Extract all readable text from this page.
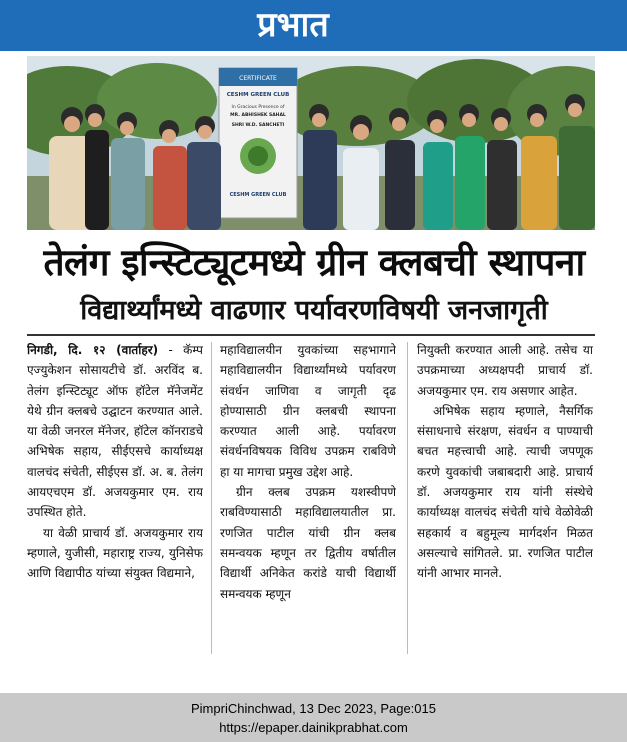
प्रभात
CERTIFICATE
CESHM GREEN CLUB
In Gracious Presence of
MR. ABHISHEK SAHAL
SHRI W.D. SANCHETI
CESHM GREEN CLUB
तेलंग इन्स्टिट्यूटमध्ये ग्रीन क्लबची स्थापना
विद्यार्थ्यांमध्ये वाढणार पर्यावरणविषयी जनजागृती

निगडी, दि. १२ (वार्ताहर) - कॅम्प एज्युकेशन सोसायटीचे डॉ. अरविंद ब. तेलंग इन्स्टिट्यूट ऑफ हॉटेल मॅनेजमेंट येथे ग्रीन क्लबचे उद्घाटन करण्यात आले. या वेळी जनरल मॅनेजर, हॉटेल कॉनराडचे अभिषेक सहाय, सीईएसचे कार्याध्यक्ष वालचंद संचेती, सीईएस डॉ. अ. ब. तेलंग आयएचएम डॉ. अजयकुमार एम. राय उपस्थित होते.

या वेळी प्राचार्य डॉ. अजयकुमार राय म्हणाले, युजीसी, महाराष्ट्र राज्य, युनिसेफ आणि विद्यापीठ यांच्या संयुक्त विद्यमाने,

महाविद्यालयीन युवकांच्या सहभागाने महाविद्यालयीन विद्यार्थ्यांमध्ये पर्यावरण संवर्धन जाणिवा व जागृती दृढ होण्यासाठी ग्रीन क्लबची स्थापना करण्यात आली आहे. पर्यावरण संवर्धनविषयक विविध उपक्रम राबविणे हा या मागचा प्रमुख उद्देश आहे.

ग्रीन क्लब उपक्रम यशस्वीपणे राबविण्यासाठी महाविद्यालयातील प्रा. रणजित पाटील यांची ग्रीन क्लब समन्वयक म्हणून तर द्वितीय वर्षातील विद्यार्थी अनिकेत करांडे याची विद्यार्थी समन्वयक म्हणून

नियुक्ती करण्यात आली आहे. तसेच या उपक्रमाच्या अध्यक्षपदी प्राचार्य डॉ. अजयकुमार एम. राय असणार आहेत.

अभिषेक सहाय म्हणाले, नैसर्गिक संसाधनाचे संरक्षण, संवर्धन व पाण्याची बचत महत्त्वाची आहे. त्याची जपणूक करणे युवकांची जबाबदारी आहे. प्राचार्य डॉ. अजयकुमार राय यांनी संस्थेचे कार्याध्यक्ष वालचंद संचेती यांचे वेळोवेळी सहकार्य व बहुमूल्य मार्गदर्शन मिळत असल्याचे सांगितले. प्रा. रणजित पाटील यांनी आभार मानले.

PimpriChinchwad, 13 Dec 2023, Page:015
https://epaper.dainikprabhat.com
